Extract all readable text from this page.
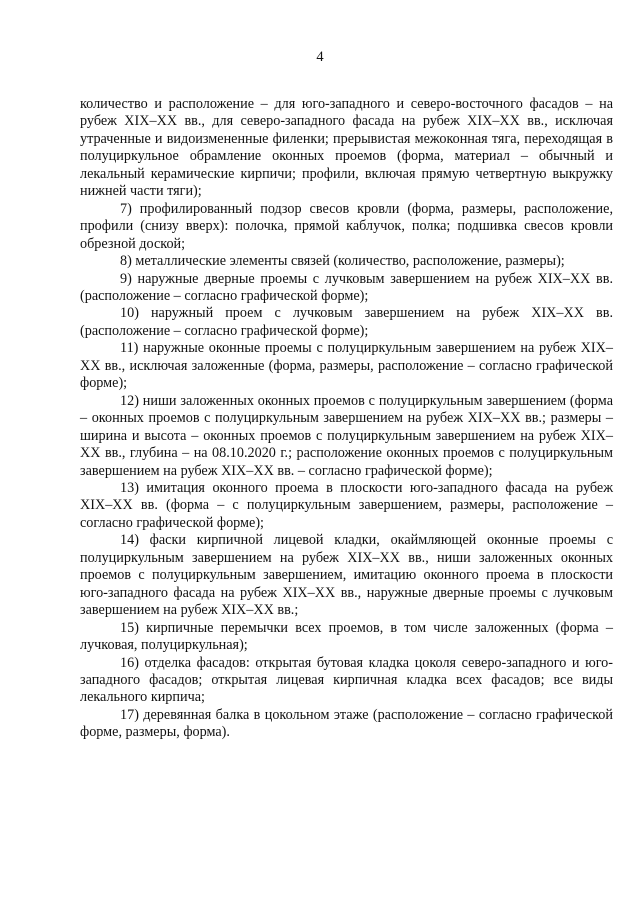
4

количество и расположение – для юго-западного и северо-восточного фасадов – на рубеж XIX–XX вв., для северо-западного фасада на рубеж XIX–XX вв., исключая утраченные и видоизмененные филенки; прерывистая межоконная тяга, переходящая в полуциркульное обрамление оконных проемов (форма, материал – обычный и лекальный керамические кирпичи; профили, включая прямую четвертную выкружку нижней части тяги);

7) профилированный подзор свесов кровли (форма, размеры, расположение, профили (снизу вверх): полочка, прямой каблучок, полка; подшивка свесов кровли обрезной доской;

8) металлические элементы связей (количество, расположение, размеры);

9) наружные дверные проемы с лучковым завершением на рубеж XIX–XX вв. (расположение – согласно графической форме);

10) наружный проем с лучковым завершением на рубеж XIX–XX вв. (расположение – согласно графической форме);

11) наружные оконные проемы с полуциркульным завершением на рубеж XIX–XX вв., исключая заложенные (форма, размеры, расположение – согласно графической форме);

12) ниши заложенных оконных проемов с полуциркульным завершением (форма – оконных проемов с полуциркульным завершением на рубеж XIX–XX вв.; размеры – ширина и высота – оконных проемов с полуциркульным завершением на рубеж XIX–XX вв., глубина – на 08.10.2020 г.; расположение оконных проемов с полуциркульным завершением на рубеж XIX–XX вв. – согласно графической форме);

13) имитация оконного проема в плоскости юго-западного фасада на рубеж XIX–XX вв. (форма – с полуциркульным завершением, размеры, расположение – согласно графической форме);

14) фаски кирпичной лицевой кладки, окаймляющей оконные проемы с полуциркульным завершением на рубеж XIX–XX вв., ниши заложенных оконных проемов с полуциркульным завершением, имитацию оконного проема в плоскости юго-западного фасада на рубеж XIX–XX вв., наружные дверные проемы с лучковым завершением на рубеж XIX–XX вв.;

15) кирпичные перемычки всех проемов, в том числе заложенных (форма – лучковая, полуциркульная);

16) отделка фасадов: открытая бутовая кладка цоколя северо-западного и юго-западного фасадов; открытая лицевая кирпичная кладка всех фасадов; все виды лекального кирпича;

17) деревянная балка в цокольном этаже (расположение – согласно графической форме, размеры, форма).
